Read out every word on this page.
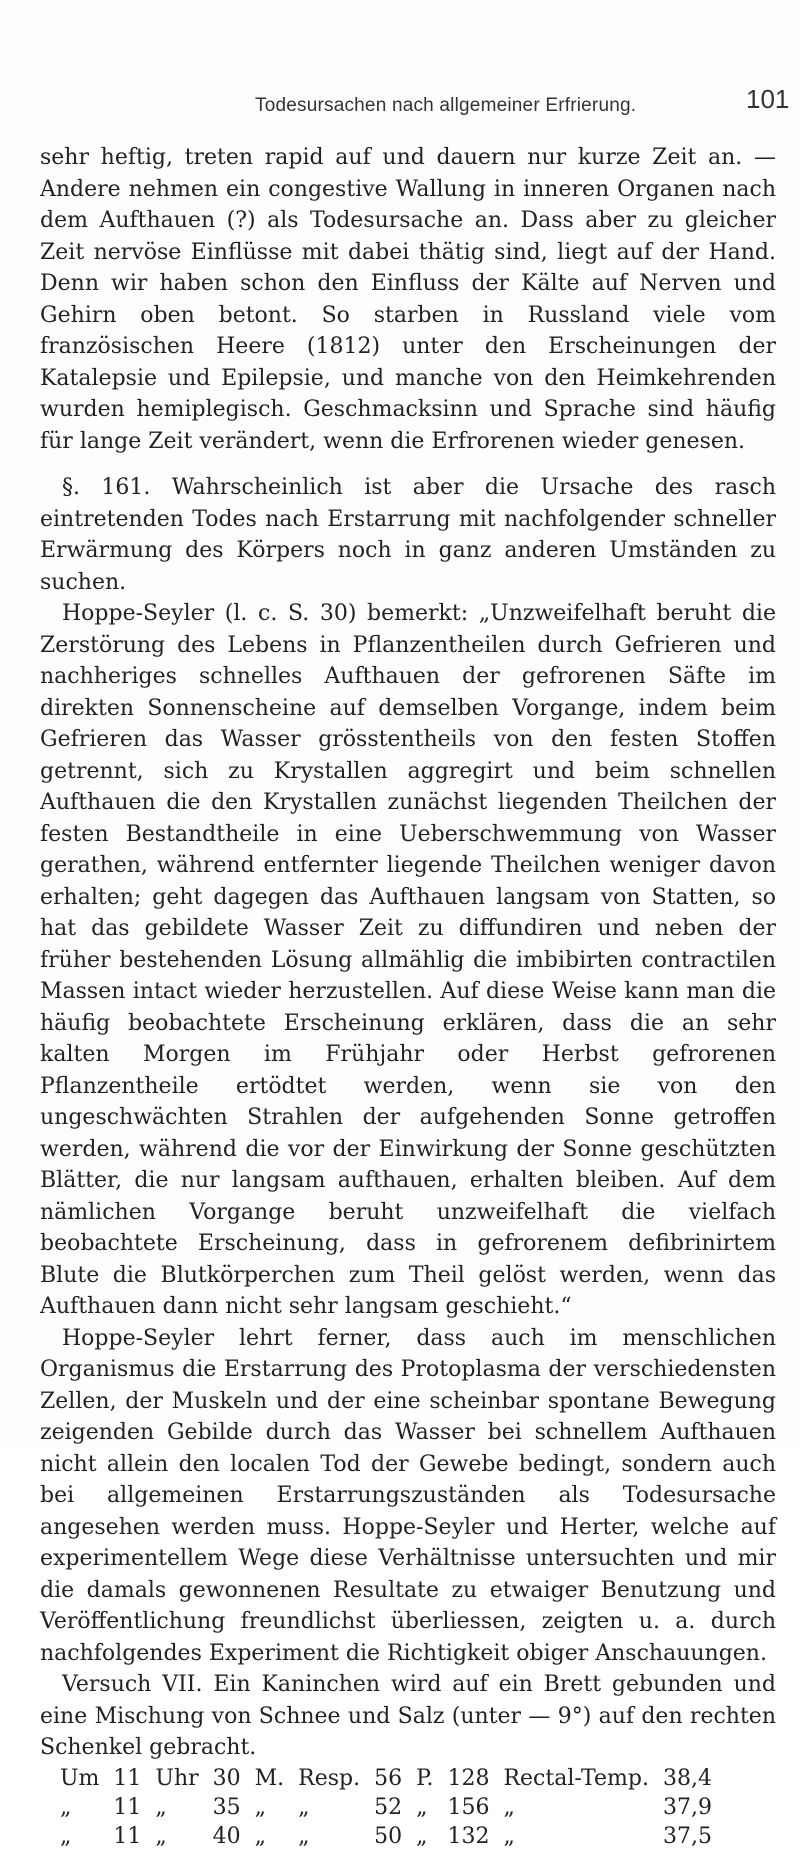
Todesursachen nach allgemeiner Erfrierung.	101

sehr heftig, treten rapid auf und dauern nur kurze Zeit an. — Andere nehmen ein congestive Wallung in inneren Organen nach dem Aufthauen (?) als Todesursache an. Dass aber zu gleicher Zeit nervöse Einflüsse mit dabei thätig sind, liegt auf der Hand. Denn wir haben schon den Einfluss der Kälte auf Nerven und Gehirn oben betont. So starben in Russland viele vom französischen Heere (1812) unter den Erscheinungen der Katalepsie und Epilepsie, und manche von den Heimkehrenden wurden hemiplegisch. Geschmacksinn und Sprache sind häufig für lange Zeit verändert, wenn die Erfrorenen wieder genesen.

§. 161. Wahrscheinlich ist aber die Ursache des rasch eintretenden Todes nach Erstarrung mit nachfolgender schneller Erwärmung des Körpers noch in ganz anderen Umständen zu suchen.

Hoppe-Seyler (l. c. S. 30) bemerkt: „Unzweifelhaft beruht die Zerstörung des Lebens in Pflanzentheilen durch Gefrieren und nachheriges schnelles Aufthauen der gefrorenen Säfte im direkten Sonnenscheine auf demselben Vorgange, indem beim Gefrieren das Wasser grösstentheils von den festen Stoffen getrennt, sich zu Krystallen aggregirt und beim schnellen Aufthauen die den Krystallen zunächst liegenden Theilchen der festen Bestandtheile in eine Ueberschwemmung von Wasser gerathen, während entfernter liegende Theilchen weniger davon erhalten; geht dagegen das Aufthauen langsam von Statten, so hat das gebildete Wasser Zeit zu diffundiren und neben der früher bestehenden Lösung allmählig die imbibirten contractilen Massen intact wieder herzustellen. Auf diese Weise kann man die häufig beobachtete Erscheinung erklären, dass die an sehr kalten Morgen im Frühjahr oder Herbst gefrorenen Pflanzentheile ertödtet werden, wenn sie von den ungeschwächten Strahlen der aufgehenden Sonne getroffen werden, während die vor der Einwirkung der Sonne geschützten Blätter, die nur langsam aufthauen, erhalten bleiben. Auf dem nämlichen Vorgange beruht unzweifelhaft die vielfach beobachtete Erscheinung, dass in gefrorenem defibrinirtem Blute die Blutkörperchen zum Theil gelöst werden, wenn das Aufthauen dann nicht sehr langsam geschieht.“

Hoppe-Seyler lehrt ferner, dass auch im menschlichen Organismus die Erstarrung des Protoplasma der verschiedensten Zellen, der Muskeln und der eine scheinbar spontane Bewegung zeigenden Gebilde durch das Wasser bei schnellem Aufthauen nicht allein den localen Tod der Gewebe bedingt, sondern auch bei allgemeinen Erstarrungszuständen als Todesursache angesehen werden muss. Hoppe-Seyler und Herter, welche auf experimentellem Wege diese Verhältnisse untersuchten und mir die damals gewonnenen Resultate zu etwaiger Benutzung und Veröffentlichung freundlichst überliessen, zeigten u. a. durch nachfolgendes Experiment die Richtigkeit obiger Anschauungen.

Versuch VII. Ein Kaninchen wird auf ein Brett gebunden und eine Mischung von Schnee und Salz (unter — 9°) auf den rechten Schenkel gebracht.

Um	11	Uhr	30	M.	Resp.	56	P.	128	Rectal-Temp.	38,4
„	11	„	35	„	„	52	„	156	„	37,9
„	11	„	40	„	„	50	„	132	„	37,5
